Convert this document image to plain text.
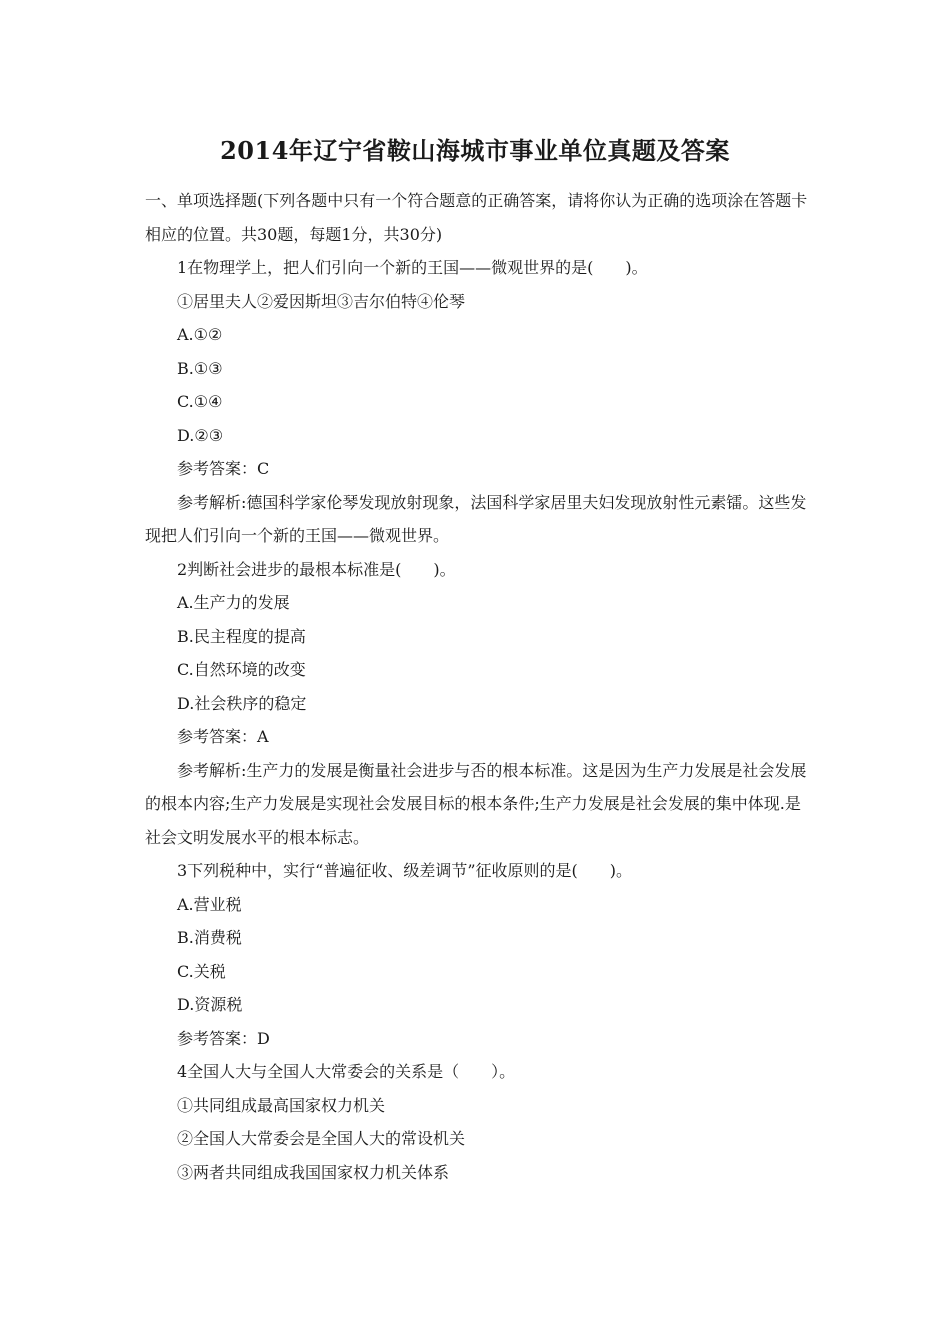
2014年辽宁省鞍山海城市事业单位真题及答案

一、单项选择题(下列各题中只有一个符合题意的正确答案，请将你认为正确的选项涂在答题卡相应的位置。共30题，每题1分，共30分)

1在物理学上，把人们引向一个新的王国——微观世界的是(　　)。

①居里夫人②爱因斯坦③吉尔伯特④伦琴

A.①②

B.①③

C.①④

D.②③

参考答案：C

参考解析:德国科学家伦琴发现放射现象，法国科学家居里夫妇发现放射性元素镭。这些发现把人们引向一个新的王国——微观世界。

2判断社会进步的最根本标准是(　　)。

A.生产力的发展

B.民主程度的提高

C.自然环境的改变

D.社会秩序的稳定

参考答案：A

参考解析:生产力的发展是衡量社会进步与否的根本标准。这是因为生产力发展是社会发展的根本内容;生产力发展是实现社会发展目标的根本条件;生产力发展是社会发展的集中体现.是社会文明发展水平的根本标志。

3下列税种中，实行“普遍征收、级差调节”征收原则的是(　　)。

A.营业税

B.消费税

C.关税

D.资源税

参考答案：D

4全国人大与全国人大常委会的关系是（　　）。

①共同组成最高国家权力机关

②全国人大常委会是全国人大的常设机关

③两者共同组成我国国家权力机关体系
